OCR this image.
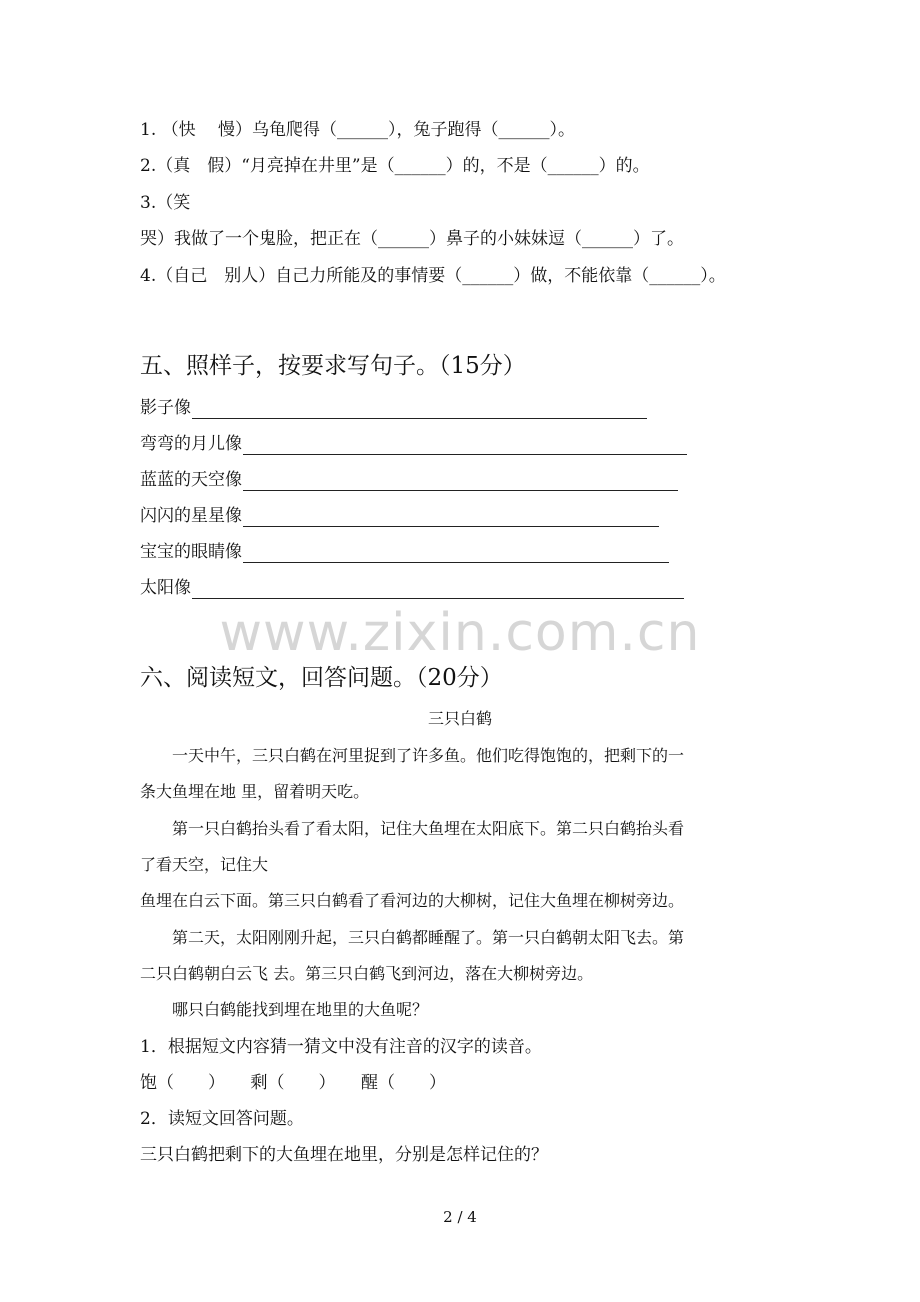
1. （快　 慢）乌龟爬得（______），兔子跑得（______）。
2.（真　假）“月亮掉在井里”是（______）的，不是（______）的。
3.（笑
哭）我做了一个鬼脸，把正在（______）鼻子的小妹妹逗（______）了。
4.（自己　别人）自己力所能及的事情要（______）做，不能依靠（______）。
五、照样子，按要求写句子。（15分）
影子像
弯弯的月儿像
蓝蓝的天空像
闪闪的星星像
宝宝的眼睛像
太阳像
www.zixin.com.cn
六、阅读短文，回答问题。（20分）
三只白鹤
　　一天中午，三只白鹤在河里捉到了许多鱼。他们吃得饱饱的，把剩下的一
条大鱼埋在地 里，留着明天吃。
　　第一只白鹤抬头看了看太阳，记住大鱼埋在太阳底下。第二只白鹤抬头看
了看天空，记住大
鱼埋在白云下面。第三只白鹤看了看河边的大柳树，记住大鱼埋在柳树旁边。
　　第二天，太阳刚刚升起，三只白鹤都睡醒了。第一只白鹤朝太阳飞去。第
二只白鹤朝白云飞 去。第三只白鹤飞到河边，落在大柳树旁边。
　　哪只白鹤能找到埋在地里的大鱼呢？
1．根据短文内容猜一猜文中没有注音的汉字的读音。
饱（　　）　　剩（　　）　　醒（　　）
2．读短文回答问题。
三只白鹤把剩下的大鱼埋在地里，分别是怎样记住的？
2 / 4
